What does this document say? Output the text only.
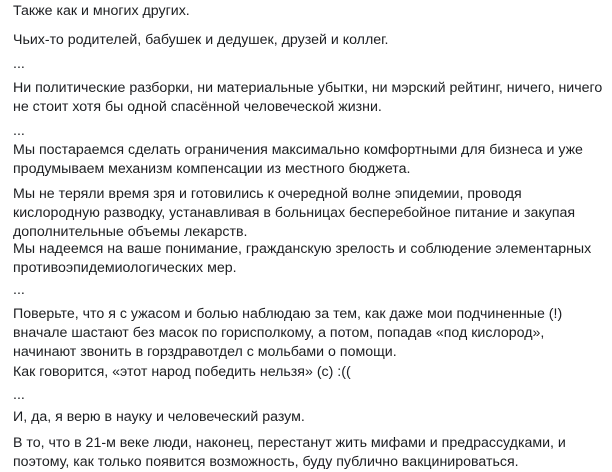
Также как и многих других.

Чьих-то родителей, бабушек и дедушек, друзей и коллег.

...

Ни политические разборки, ни материальные убытки, ни мэрский рейтинг, ничего, ничего не стоит хотя бы одной спасённой человеческой жизни.

...

Мы постараемся сделать ограничения максимально комфортными для бизнеса и уже продумываем механизм компенсации из местного бюджета.

Мы не теряли время зря и готовились к очередной волне эпидемии, проводя кислородную разводку, устанавливая в больницах бесперебойное питание и закупая дополнительные объемы лекарств.

Мы надеемся на ваше понимание, гражданскую зрелость и соблюдение элементарных противоэпидемиологических мер.

...

Поверьте, что я с ужасом и болью наблюдаю за тем, как даже мои подчиненные (!) вначале шастают без масок по горисполкому, а потом, попадав «под кислород», начинают звонить в горздравотдел с мольбами о помощи.

Как говорится, «этот народ победить нельзя» (с) :((

...

И, да, я верю в науку и человеческий разум.

В то, что в 21-м веке люди, наконец, перестанут жить мифами и предрассудками, и поэтому, как только появится возможность, буду публично вакцинироваться.
